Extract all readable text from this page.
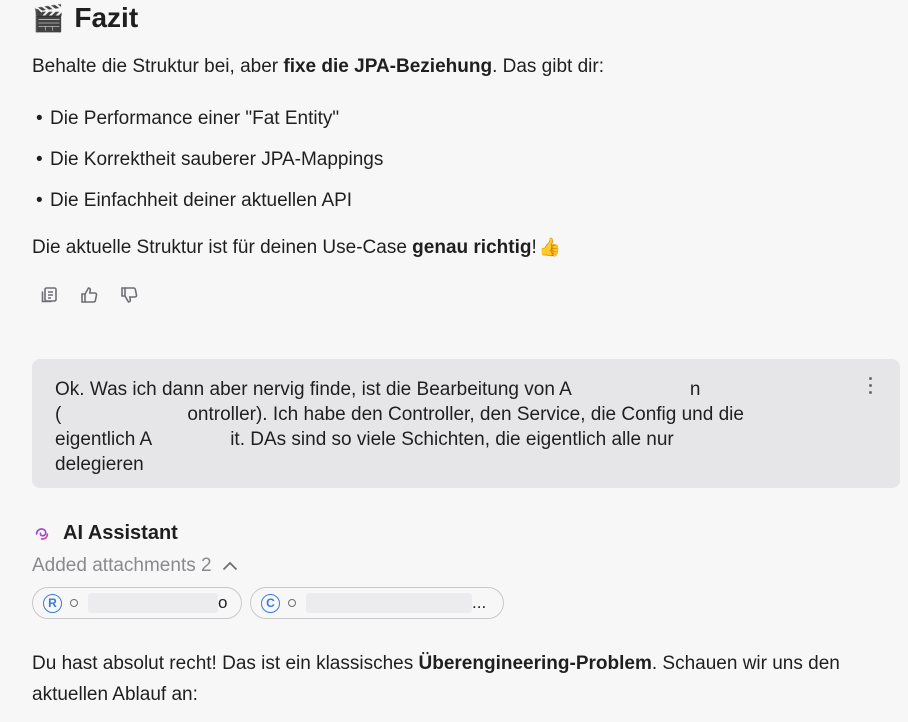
🎬 Fazit

Behalte die Struktur bei, aber fixe die JPA-Beziehung. Das gibt dir:

• Die Performance einer "Fat Entity"
• Die Korrektheit sauberer JPA-Mappings
• Die Einfachheit deiner aktuellen API

Die aktuelle Struktur ist für deinen Use-Case genau richtig! 👍

Ok. Was ich dann aber nervig finde, ist die Bearbeitung von A	n
(	ontroller). Ich habe den Controller, den Service, die Config und die
eigentlich A	it. DAs sind so viele Schichten, die eigentlich alle nur
delegieren
AI Assistant
Added attachments 2
R	o	C	...

Du hast absolut recht! Das ist ein klassisches Überengineering-Problem. Schauen wir uns den aktuellen Ablauf an:
